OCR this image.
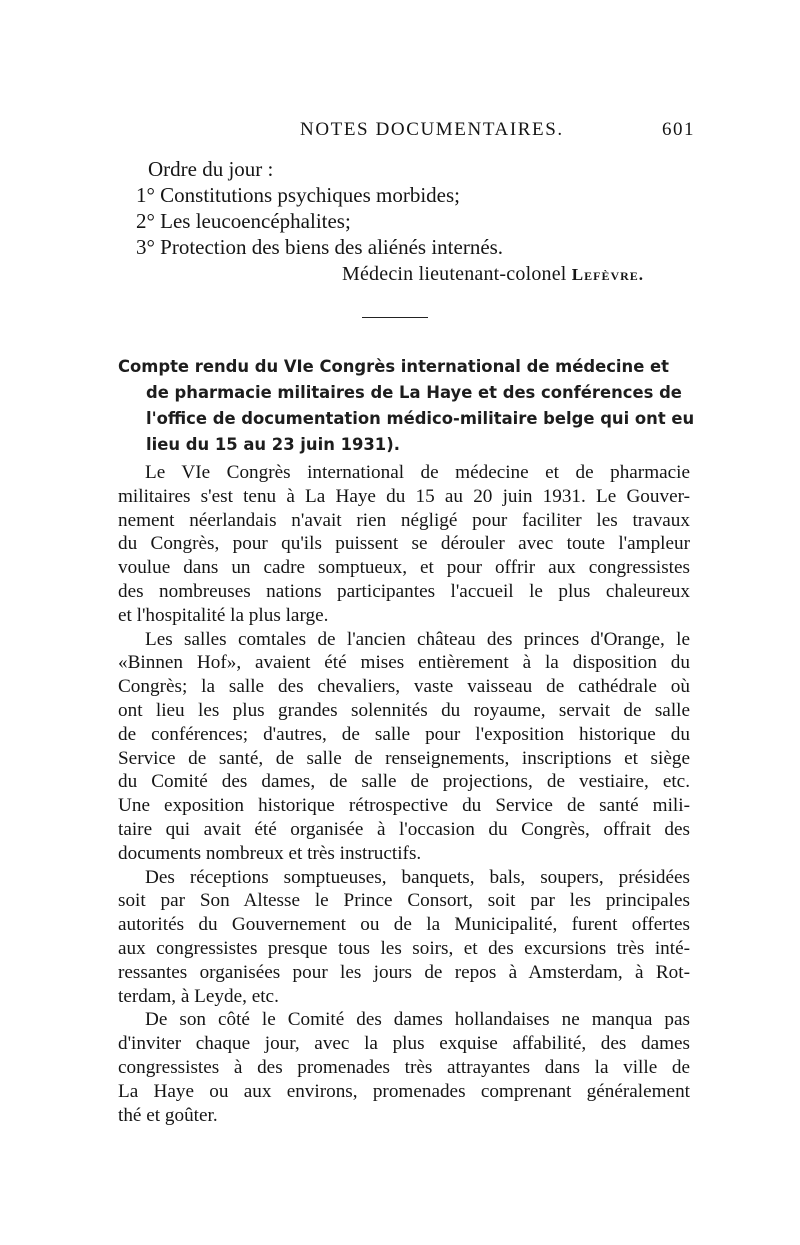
NOTES DOCUMENTAIRES.	601
Ordre du jour :
1° Constitutions psychiques morbides;
2° Les leucoencéphalites;
3° Protection des biens des aliénés internés.
Médecin lieutenant-colonel Lefèvre.
Compte rendu du VIe Congrès international de médecine et
de pharmacie militaires de La Haye et des conférences de
l'office de documentation médico-militaire belge qui ont eu
lieu du 15 au 23 juin 1931).
Le VIe Congrès international de médecine et de pharmacie
militaires s'est tenu à La Haye du 15 au 20 juin 1931. Le Gouver-
nement néerlandais n'avait rien négligé pour faciliter les travaux
du Congrès, pour qu'ils puissent se dérouler avec toute l'ampleur
voulue dans un cadre somptueux, et pour offrir aux congressistes
des nombreuses nations participantes l'accueil le plus chaleureux
et l'hospitalité la plus large.
Les salles comtales de l'ancien château des princes d'Orange, le
«Binnen Hof», avaient été mises entièrement à la disposition du
Congrès; la salle des chevaliers, vaste vaisseau de cathédrale où
ont lieu les plus grandes solennités du royaume, servait de salle
de conférences; d'autres, de salle pour l'exposition historique du
Service de santé, de salle de renseignements, inscriptions et siège
du Comité des dames, de salle de projections, de vestiaire, etc.
Une exposition historique rétrospective du Service de santé mili-
taire qui avait été organisée à l'occasion du Congrès, offrait des
documents nombreux et très instructifs.
Des réceptions somptueuses, banquets, bals, soupers, présidées
soit par Son Altesse le Prince Consort, soit par les principales
autorités du Gouvernement ou de la Municipalité, furent offertes
aux congressistes presque tous les soirs, et des excursions très inté-
ressantes organisées pour les jours de repos à Amsterdam, à Rot-
terdam, à Leyde, etc.
De son côté le Comité des dames hollandaises ne manqua pas
d'inviter chaque jour, avec la plus exquise affabilité, des dames
congressistes à des promenades très attrayantes dans la ville de
La Haye ou aux environs, promenades comprenant généralement
thé et goûter.
